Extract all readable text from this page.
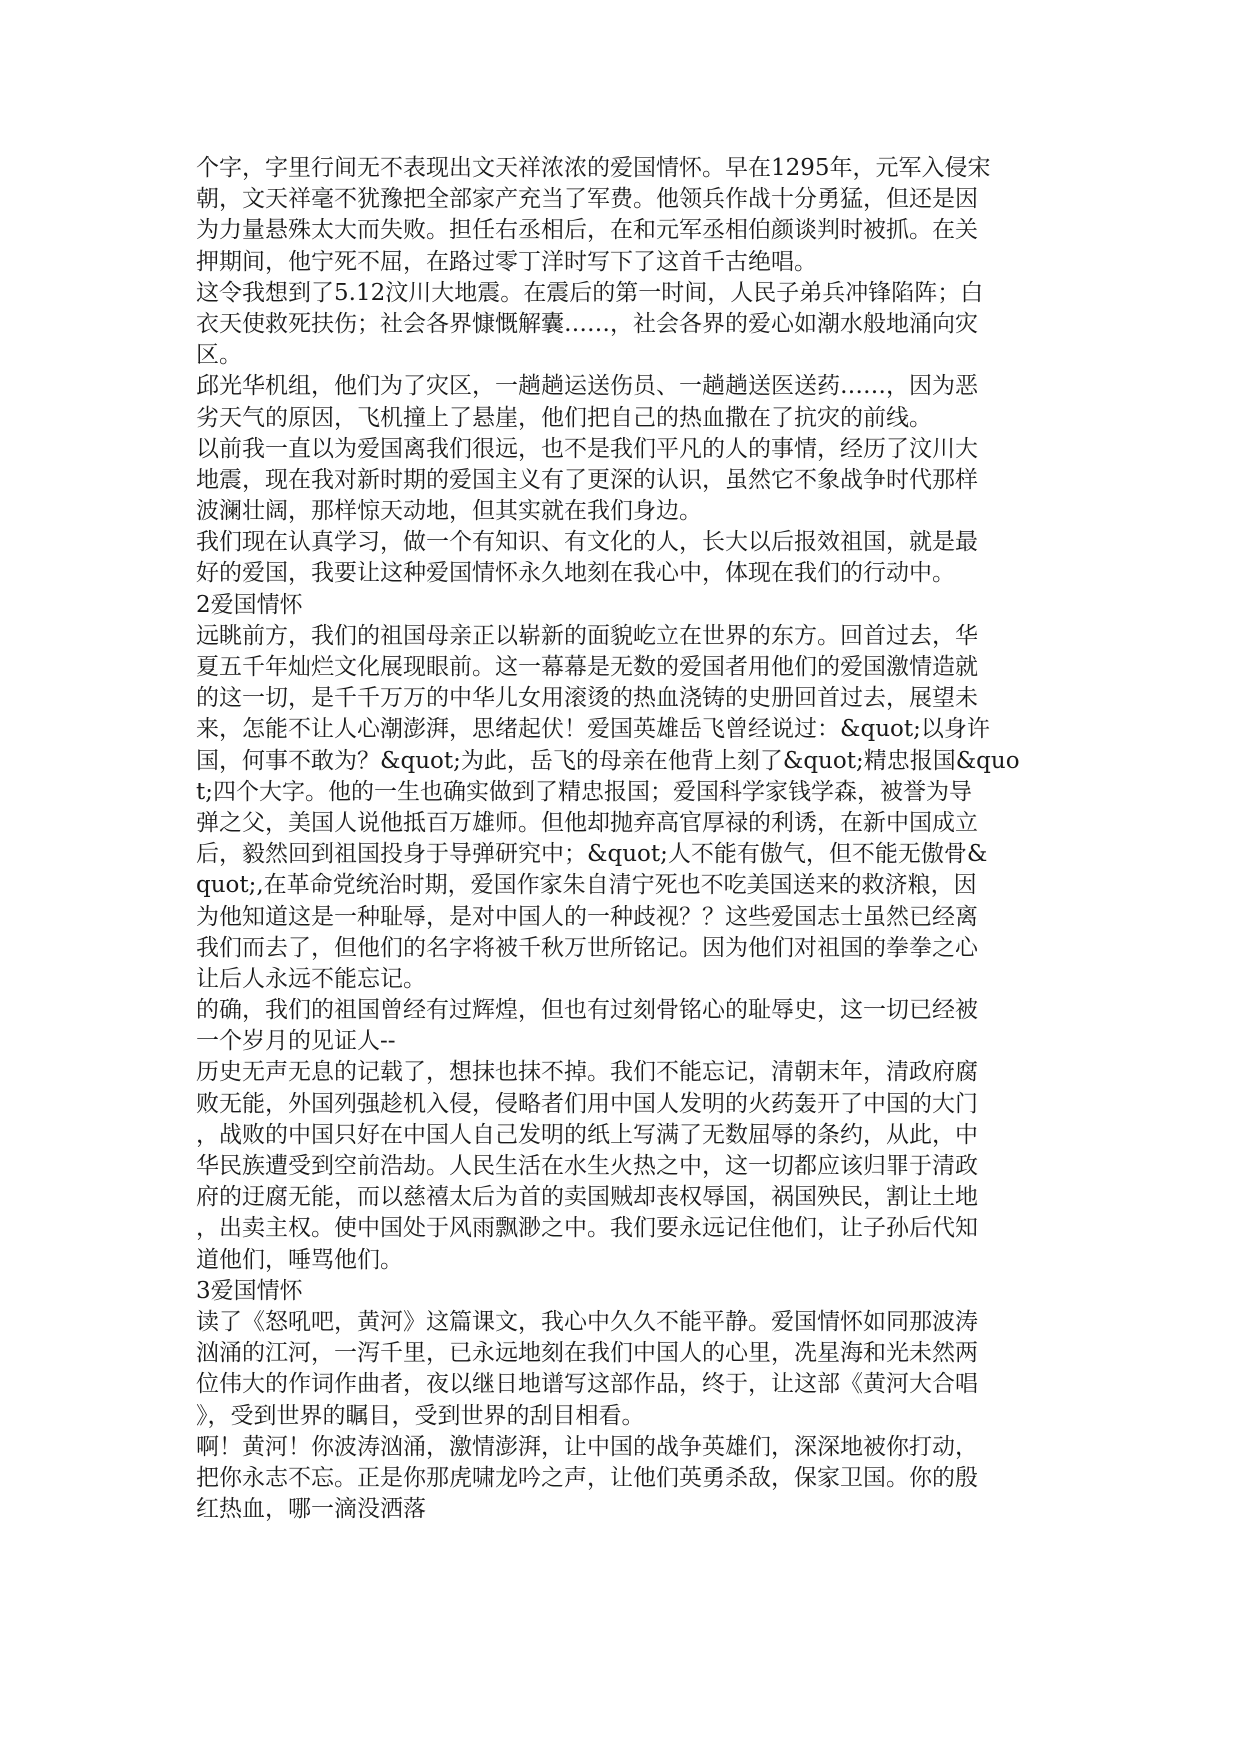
个字，字里行间无不表现出文天祥浓浓的爱国情怀。早在1295年，元军入侵宋
朝，文天祥毫不犹豫把全部家产充当了军费。他领兵作战十分勇猛，但还是因
为力量悬殊太大而失败。担任右丞相后，在和元军丞相伯颜谈判时被抓。在关
押期间，他宁死不屈，在路过零丁洋时写下了这首千古绝唱。
这令我想到了5.12汶川大地震。在震后的第一时间，人民子弟兵冲锋陷阵；白
衣天使救死扶伤；社会各界慷慨解囊……，社会各界的爱心如潮水般地涌向灾
区。
邱光华机组，他们为了灾区，一趟趟运送伤员、一趟趟送医送药……，因为恶
劣天气的原因，飞机撞上了悬崖，他们把自己的热血撒在了抗灾的前线。
以前我一直以为爱国离我们很远，也不是我们平凡的人的事情，经历了汶川大
地震，现在我对新时期的爱国主义有了更深的认识，虽然它不象战争时代那样
波澜壮阔，那样惊天动地，但其实就在我们身边。
我们现在认真学习，做一个有知识、有文化的人，长大以后报效祖国，就是最
好的爱国，我要让这种爱国情怀永久地刻在我心中，体现在我们的行动中。
2爱国情怀
远眺前方，我们的祖国母亲正以崭新的面貌屹立在世界的东方。回首过去，华
夏五千年灿烂文化展现眼前。这一幕幕是无数的爱国者用他们的爱国激情造就
的这一切，是千千万万的中华儿女用滚烫的热血浇铸的史册回首过去，展望未
来，怎能不让人心潮澎湃，思绪起伏！爱国英雄岳飞曾经说过：&quot;以身许
国，何事不敢为？&quot;为此，岳飞的母亲在他背上刻了&quot;精忠报国&quo
t;四个大字。他的一生也确实做到了精忠报国；爱国科学家钱学森，被誉为导
弹之父，美国人说他抵百万雄师。但他却抛弃高官厚禄的利诱，在新中国成立
后，毅然回到祖国投身于导弹研究中；&quot;人不能有傲气，但不能无傲骨&
quot;,在革命党统治时期，爱国作家朱自清宁死也不吃美国送来的救济粮，因
为他知道这是一种耻辱，是对中国人的一种歧视？？这些爱国志士虽然已经离
我们而去了，但他们的名字将被千秋万世所铭记。因为他们对祖国的拳拳之心
让后人永远不能忘记。
的确，我们的祖国曾经有过辉煌，但也有过刻骨铭心的耻辱史，这一切已经被
一个岁月的见证人--
历史无声无息的记载了，想抹也抹不掉。我们不能忘记，清朝末年，清政府腐
败无能，外国列强趁机入侵，侵略者们用中国人发明的火药轰开了中国的大门
，战败的中国只好在中国人自己发明的纸上写满了无数屈辱的条约，从此，中
华民族遭受到空前浩劫。人民生活在水生火热之中，这一切都应该归罪于清政
府的迂腐无能，而以慈禧太后为首的卖国贼却丧权辱国，祸国殃民，割让土地
，出卖主权。使中国处于风雨飘渺之中。我们要永远记住他们，让子孙后代知
道他们，唾骂他们。
3爱国情怀
读了《怒吼吧，黄河》这篇课文，我心中久久不能平静。爱国情怀如同那波涛
汹涌的江河，一泻千里，已永远地刻在我们中国人的心里，冼星海和光未然两
位伟大的作词作曲者，夜以继日地谱写这部作品，终于，让这部《黄河大合唱
》，受到世界的瞩目，受到世界的刮目相看。
啊！黄河！你波涛汹涌，激情澎湃，让中国的战争英雄们，深深地被你打动，
把你永志不忘。正是你那虎啸龙吟之声，让他们英勇杀敌，保家卫国。你的殷
红热血，哪一滴没洒落
